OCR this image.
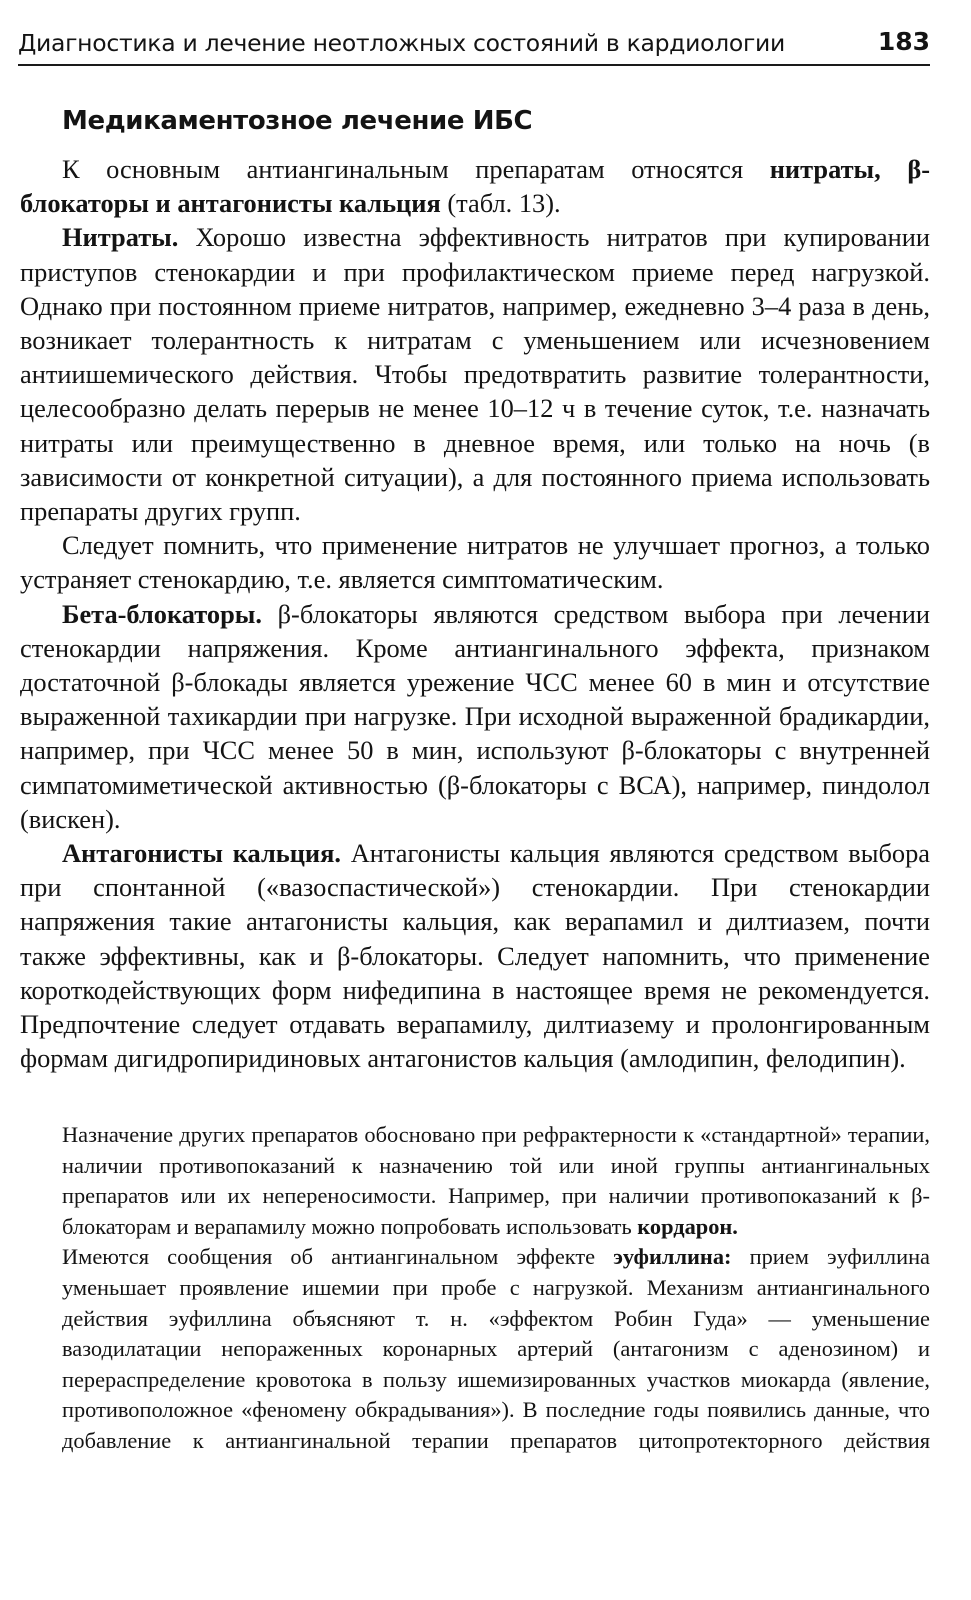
Диагностика и лечение неотложных состояний в кардиологии	183
Медикаментозное лечение ИБС

К основным антиангинальным препаратам относятся нитраты, β-блокаторы и антагонисты кальция (табл. 13).

Нитраты. Хорошо известна эффективность нитратов при купировании приступов стенокардии и при профилактическом приеме перед нагрузкой. Однако при постоянном приеме нитратов, например, ежедневно 3–4 раза в день, возникает толерантность к нитратам с уменьшением или исчезновением антиишемического действия. Чтобы предотвратить развитие толерантности, целесообразно делать перерыв не менее 10–12 ч в течение суток, т.е. назначать нитраты или преимущественно в дневное время, или только на ночь (в зависимости от конкретной ситуации), а для постоянного приема использовать препараты других групп.

Следует помнить, что применение нитратов не улучшает прогноз, а только устраняет стенокардию, т.е. является симптоматическим.

Бета-блокаторы. β-блокаторы являются средством выбора при лечении стенокардии напряжения. Кроме антиангинального эффекта, признаком достаточной β-блокады является урежение ЧСС менее 60 в мин и отсутствие выраженной тахикардии при нагрузке. При исходной выраженной брадикардии, например, при ЧСС менее 50 в мин, используют β-блокаторы с внутренней симпатомиметической активностью (β-блокаторы с ВСА), например, пиндолол (вискен).

Антагонисты кальция. Антагонисты кальция являются средством выбора при спонтанной («вазоспастической») стенокардии. При стенокардии напряжения такие антагонисты кальция, как верапамил и дилтиазем, почти также эффективны, как и β-блокаторы. Следует напомнить, что применение короткодействующих форм нифедипина в настоящее время не рекомендуется. Предпочтение следует отдавать верапамилу, дилтиазему и пролонгированным формам дигидропиридиновых антагонистов кальция (амлодипин, фелодипин).

Назначение других препаратов обосновано при рефрактерности к «стандартной» терапии, наличии противопоказаний к назначению той или иной группы антиангинальных препаратов или их непереносимости. Например, при наличии противопоказаний к β-блокаторам и верапамилу можно попробовать использовать кордарон.

Имеются сообщения об антиангинальном эффекте эуфиллина: прием эуфиллина уменьшает проявление ишемии при пробе с нагрузкой. Механизм антиангинального действия эуфиллина объясняют т. н. «эффектом Робин Гуда» — уменьшение вазодилатации непораженных коронарных артерий (антагонизм с аденозином) и перераспределение кровотока в пользу ишемизированных участков миокарда (явление, противоположное «феномену обкрадывания»). В последние годы появились данные, что добавление к антиангинальной терапии препаратов цитопротекторного действия
